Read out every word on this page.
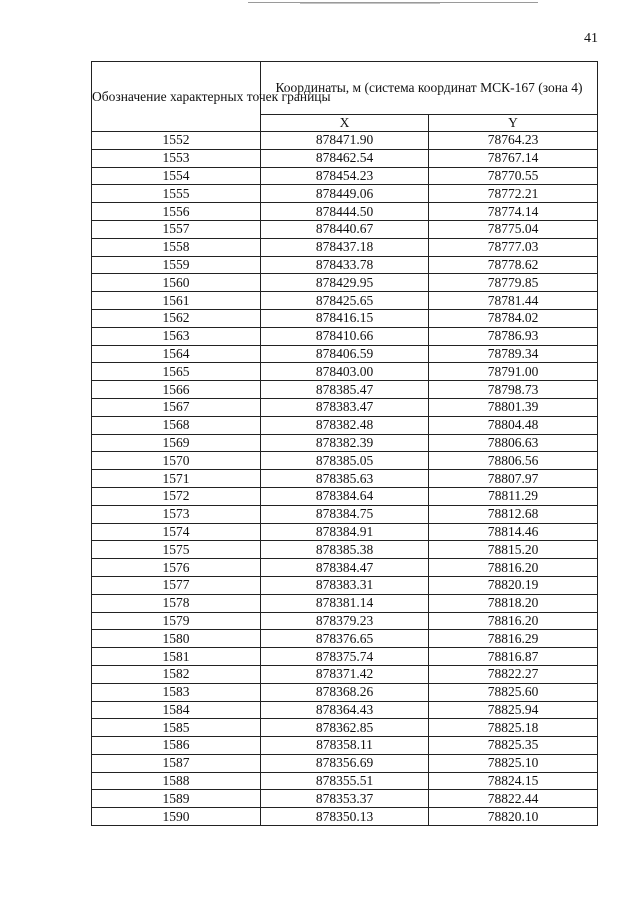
41
Обозначение характерных точек границы	Координаты, м (система координат МСК-167 (зона 4)	
	X	Y
1552	878471.90	78764.23
1553	878462.54	78767.14
1554	878454.23	78770.55
1555	878449.06	78772.21
1556	878444.50	78774.14
1557	878440.67	78775.04
1558	878437.18	78777.03
1559	878433.78	78778.62
1560	878429.95	78779.85
1561	878425.65	78781.44
1562	878416.15	78784.02
1563	878410.66	78786.93
1564	878406.59	78789.34
1565	878403.00	78791.00
1566	878385.47	78798.73
1567	878383.47	78801.39
1568	878382.48	78804.48
1569	878382.39	78806.63
1570	878385.05	78806.56
1571	878385.63	78807.97
1572	878384.64	78811.29
1573	878384.75	78812.68
1574	878384.91	78814.46
1575	878385.38	78815.20
1576	878384.47	78816.20
1577	878383.31	78820.19
1578	878381.14	78818.20
1579	878379.23	78816.20
1580	878376.65	78816.29
1581	878375.74	78816.87
1582	878371.42	78822.27
1583	878368.26	78825.60
1584	878364.43	78825.94
1585	878362.85	78825.18
1586	878358.11	78825.35
1587	878356.69	78825.10
1588	878355.51	78824.15
1589	878353.37	78822.44
1590	878350.13	78820.10
